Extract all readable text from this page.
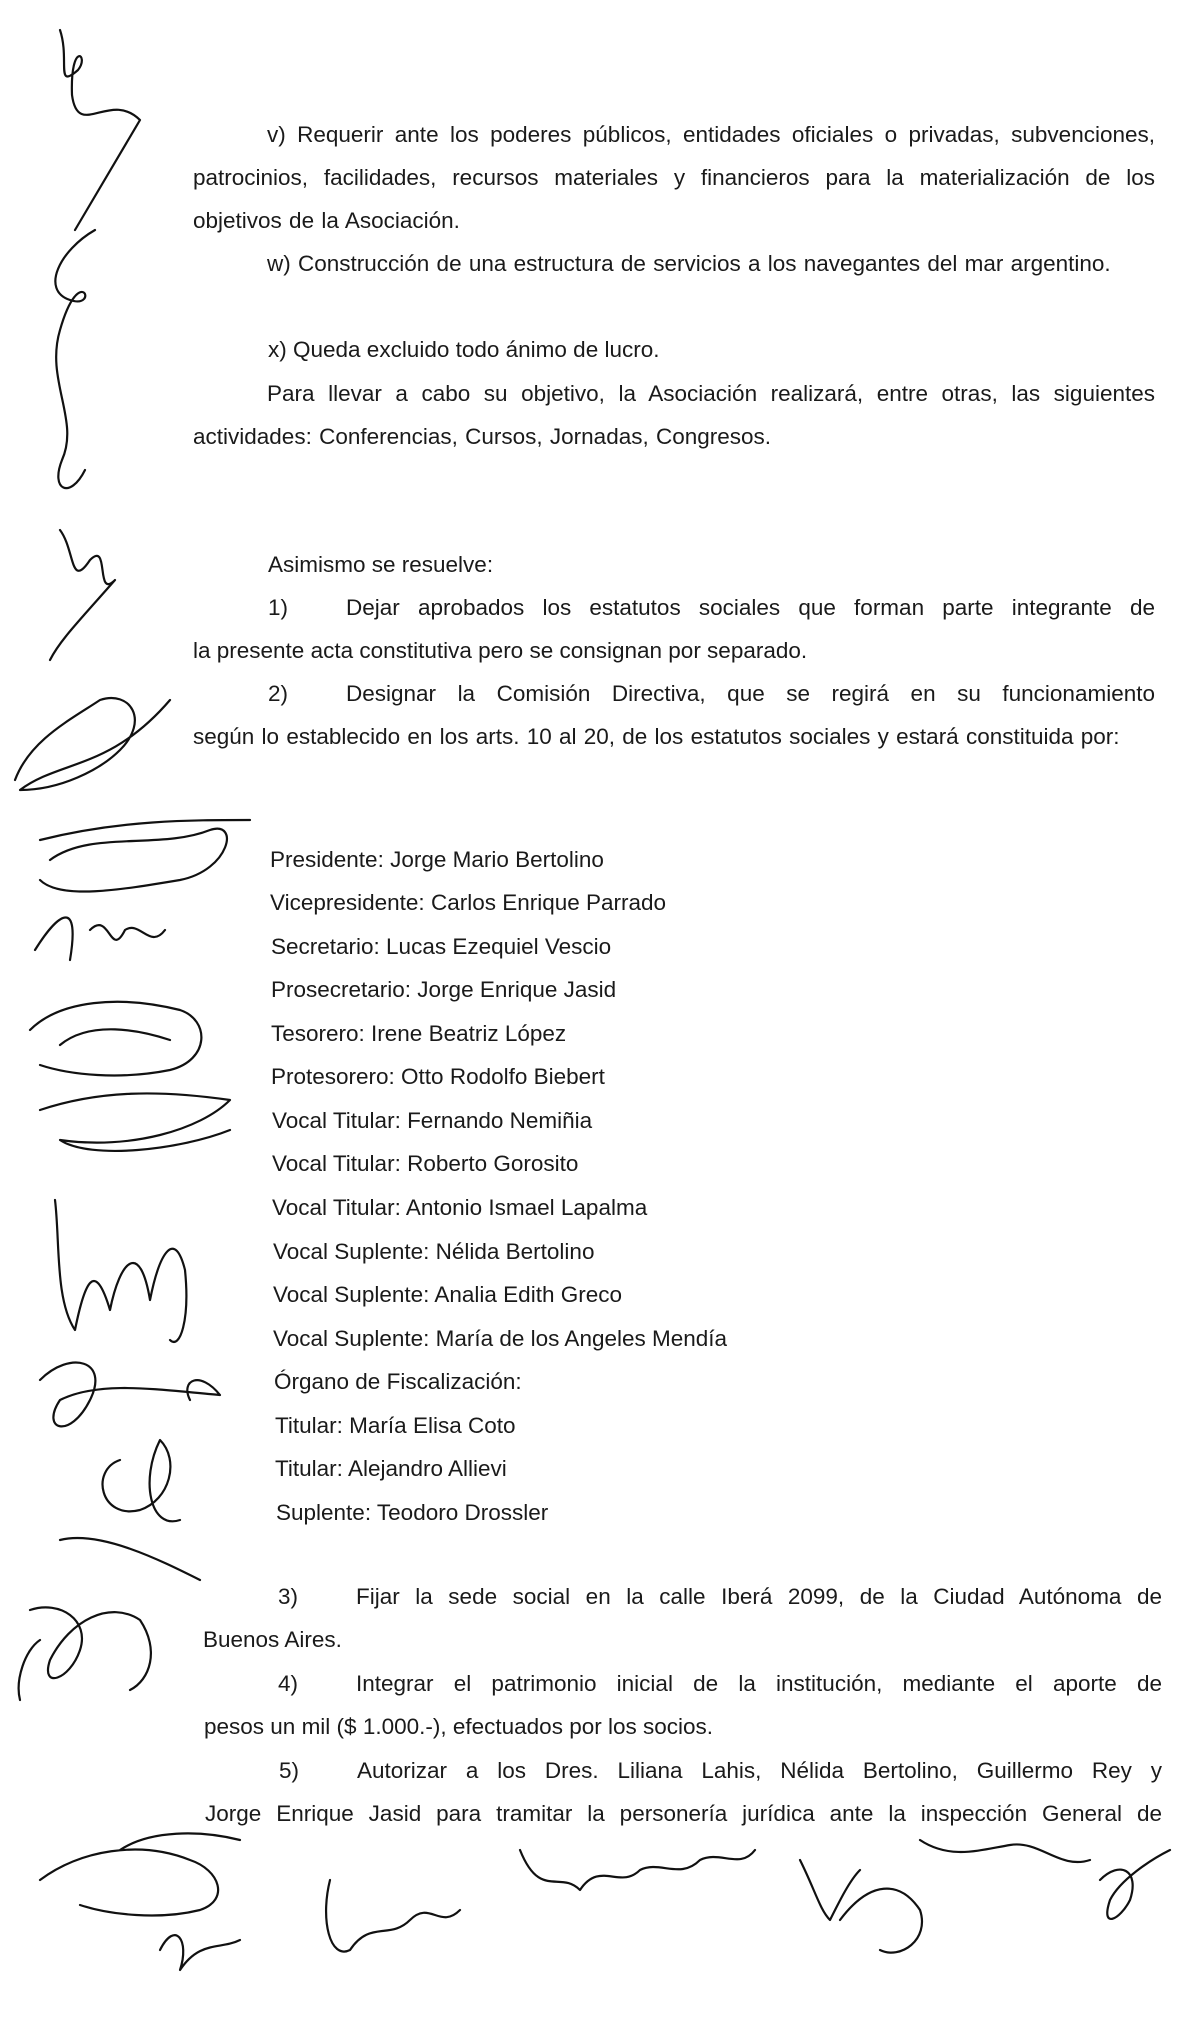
v) Requerir ante los poderes públicos, entidades oficiales o privadas, subvenciones, patrocinios, facilidades, recursos materiales y financieros para la materialización de los objetivos de la Asociación.

w) Construcción de una estructura de servicios a los navegantes del mar argentino.

x) Queda excluido todo ánimo de lucro.

Para llevar a cabo su objetivo, la Asociación realizará, entre otras, las siguientes actividades: Conferencias, Cursos, Jornadas, Congresos.

Asimismo se resuelve:

1)	Dejar aprobados los estatutos sociales que forman parte integrante de

la presente acta constitutiva pero se consignan por separado.

2)	Designar la Comisión Directiva, que se regirá en su funcionamiento

según lo establecido en los arts. 10 al 20, de los estatutos sociales y estará constituida por:

Presidente: Jorge Mario Bertolino

Vicepresidente: Carlos Enrique Parrado

Secretario: Lucas Ezequiel Vescio

Prosecretario: Jorge Enrique Jasid

Tesorero: Irene Beatriz López

Protesorero: Otto Rodolfo Biebert

Vocal Titular: Fernando Nemiñia

Vocal Titular: Roberto Gorosito

Vocal Titular: Antonio Ismael Lapalma

Vocal Suplente: Nélida Bertolino

Vocal Suplente: Analia Edith Greco

Vocal Suplente: María de los Angeles Mendía

Órgano de Fiscalización:

Titular: María Elisa Coto

Titular: Alejandro Allievi

Suplente: Teodoro Drossler

3)	Fijar la sede social en la calle Iberá 2099, de la Ciudad Autónoma de

Buenos Aires.

4)	Integrar el patrimonio inicial de la institución, mediante el aporte de

pesos un mil ($ 1.000.-), efectuados por los socios.

5)	Autorizar a los Dres. Liliana Lahis, Nélida Bertolino, Guillermo Rey y

Jorge Enrique Jasid para tramitar la personería jurídica ante la inspección General de
